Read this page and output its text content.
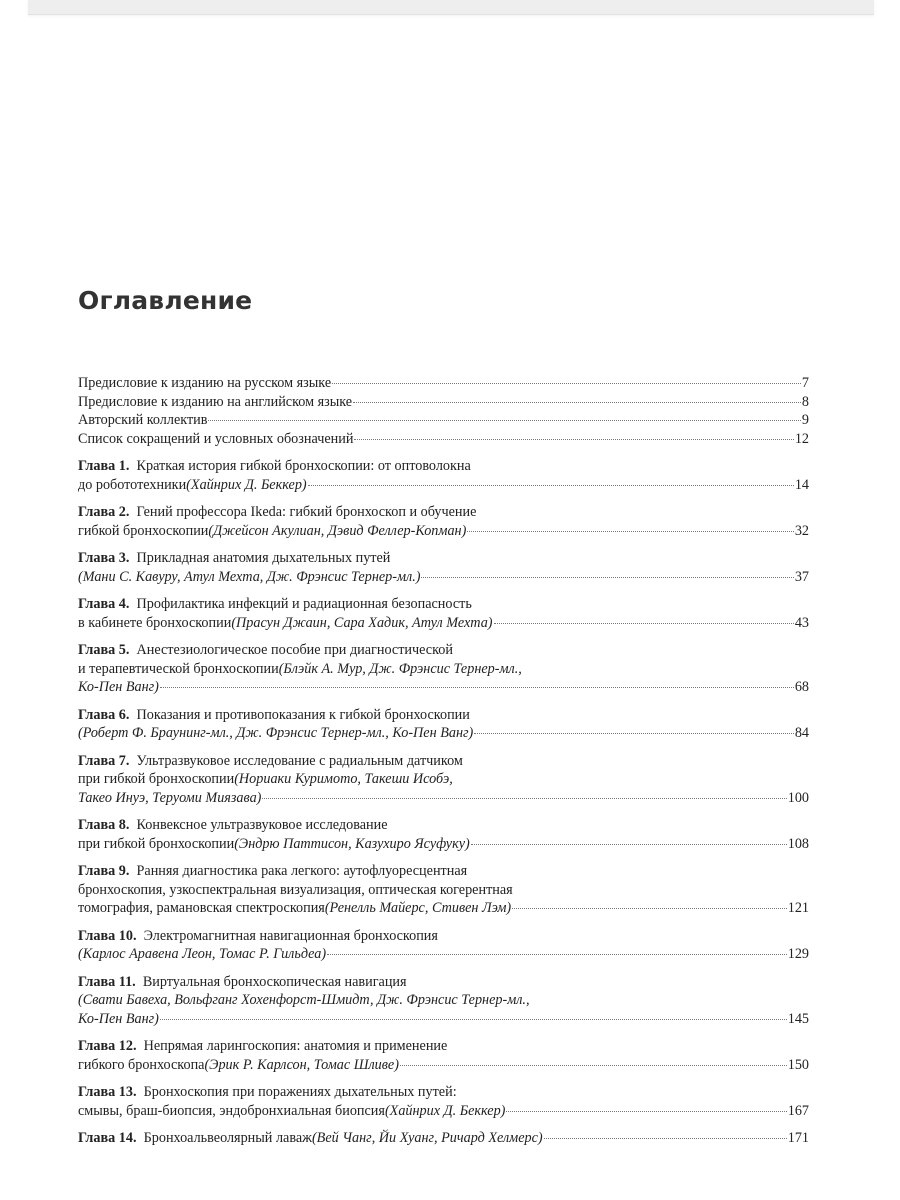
Оглавление
Предисловие к изданию на русском языке	7
Предисловие к изданию на английском языке	8
Авторский коллектив	9
Список сокращений и условных обозначений	12
Глава 1.
Краткая история гибкой бронхоскопии: от оптоволокна
до робототехники (Хайнрих Д. Беккер)	14
Глава 2.
Гений профессора Ikeda: гибкий бронхоскоп и обучение
гибкой бронхоскопии (Джейсон Акулиан, Дэвид Феллер-Копман)	32
Глава 3.
Прикладная анатомия дыхательных путей
(Мани С. Кавуру, Атул Мехта, Дж. Фрэнсис Тернер-мл.)	37
Глава 4.
Профилактика инфекций и радиационная безопасность
в кабинете бронхоскопии (Прасун Джаин, Сара Хадик, Атул Мехта)	43
Глава 5.
Анестезиологическое пособие при диагностической
и терапевтической бронхоскопии (Блэйк А. Мур, Дж. Фрэнсис Тернер-мл.,
Ко-Пен Ванг)	68
Глава 6.
Показания и противопоказания к гибкой бронхоскопии
(Роберт Ф. Браунинг-мл., Дж. Фрэнсис Тернер-мл., Ко-Пен Ванг)	84
Глава 7.
Ультразвуковое исследование с радиальным датчиком
при гибкой бронхоскопии (Нориаки Куримото, Такеши Исобэ,
Такео Инуэ, Теруоми Миязава)	100
Глава 8.
Конвексное ультразвуковое исследование
при гибкой бронхоскопии (Эндрю Паттисон, Казухиро Ясуфуку)	108
Глава 9.
Ранняя диагностика рака легкого: аутофлуоресцентная
бронхоскопия, узкоспектральная визуализация, оптическая когерентная
томография, рамановская спектроскопия (Ренелль Майерс, Стивен Лэм)	121
Глава 10.
Электромагнитная навигационная бронхоскопия
(Карлос Аравена Леон, Томас Р. Гильдеа)	129
Глава 11.
Виртуальная бронхоскопическая навигация
(Свати Бавеха, Вольфганг Хохенфорст-Шмидт, Дж. Фрэнсис Тернер-мл.,
Ко-Пен Ванг)	145
Глава 12.
Непрямая ларингоскопия: анатомия и применение
гибкого бронхоскопа (Эрик Р. Карлсон, Томас Шливе)	150
Глава 13.
Бронхоскопия при поражениях дыхательных путей:
смывы, браш-биопсия, эндобронхиальная биопсия (Хайнрих Д. Беккер)	167
Глава 14.
Бронхоальвеолярный лаваж (Вей Чанг, Йи Хуанг, Ричард Хелмерс)	171
